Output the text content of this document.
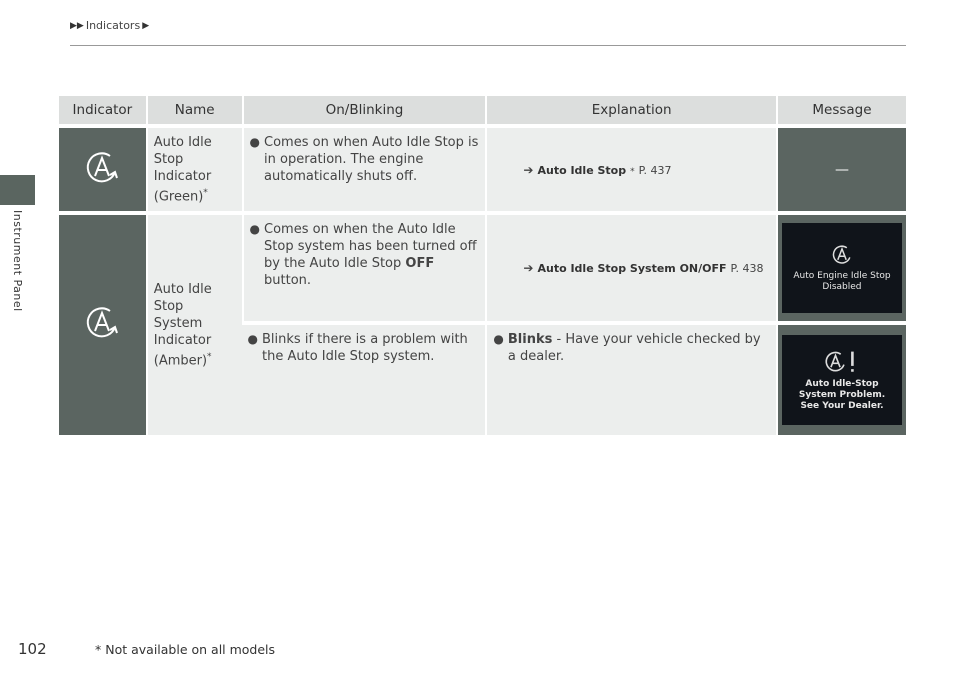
Instrument Panel
▶▶ Indicators ▶
Indicator	Name	On/Blinking	Explanation	Message

Auto Idle Stop Indicator (Green)*	● Comes on when Auto Idle Stop is in operation. The engine automatically shuts off.	➔ Auto Idle Stop * P. 437	—

Auto Idle Stop System Indicator (Amber)*	● Comes on when the Auto Idle Stop system has been turned off by the Auto Idle Stop OFF button.	➔ Auto Idle Stop System ON/OFF P. 438	Auto Engine Idle Stop Disabled

		● Blinks if there is a problem with the Auto Idle Stop system.	● Blinks - Have your vehicle checked by a dealer.	Auto Idle-Stop System Problem. See Your Dealer.
102	* Not available on all models
